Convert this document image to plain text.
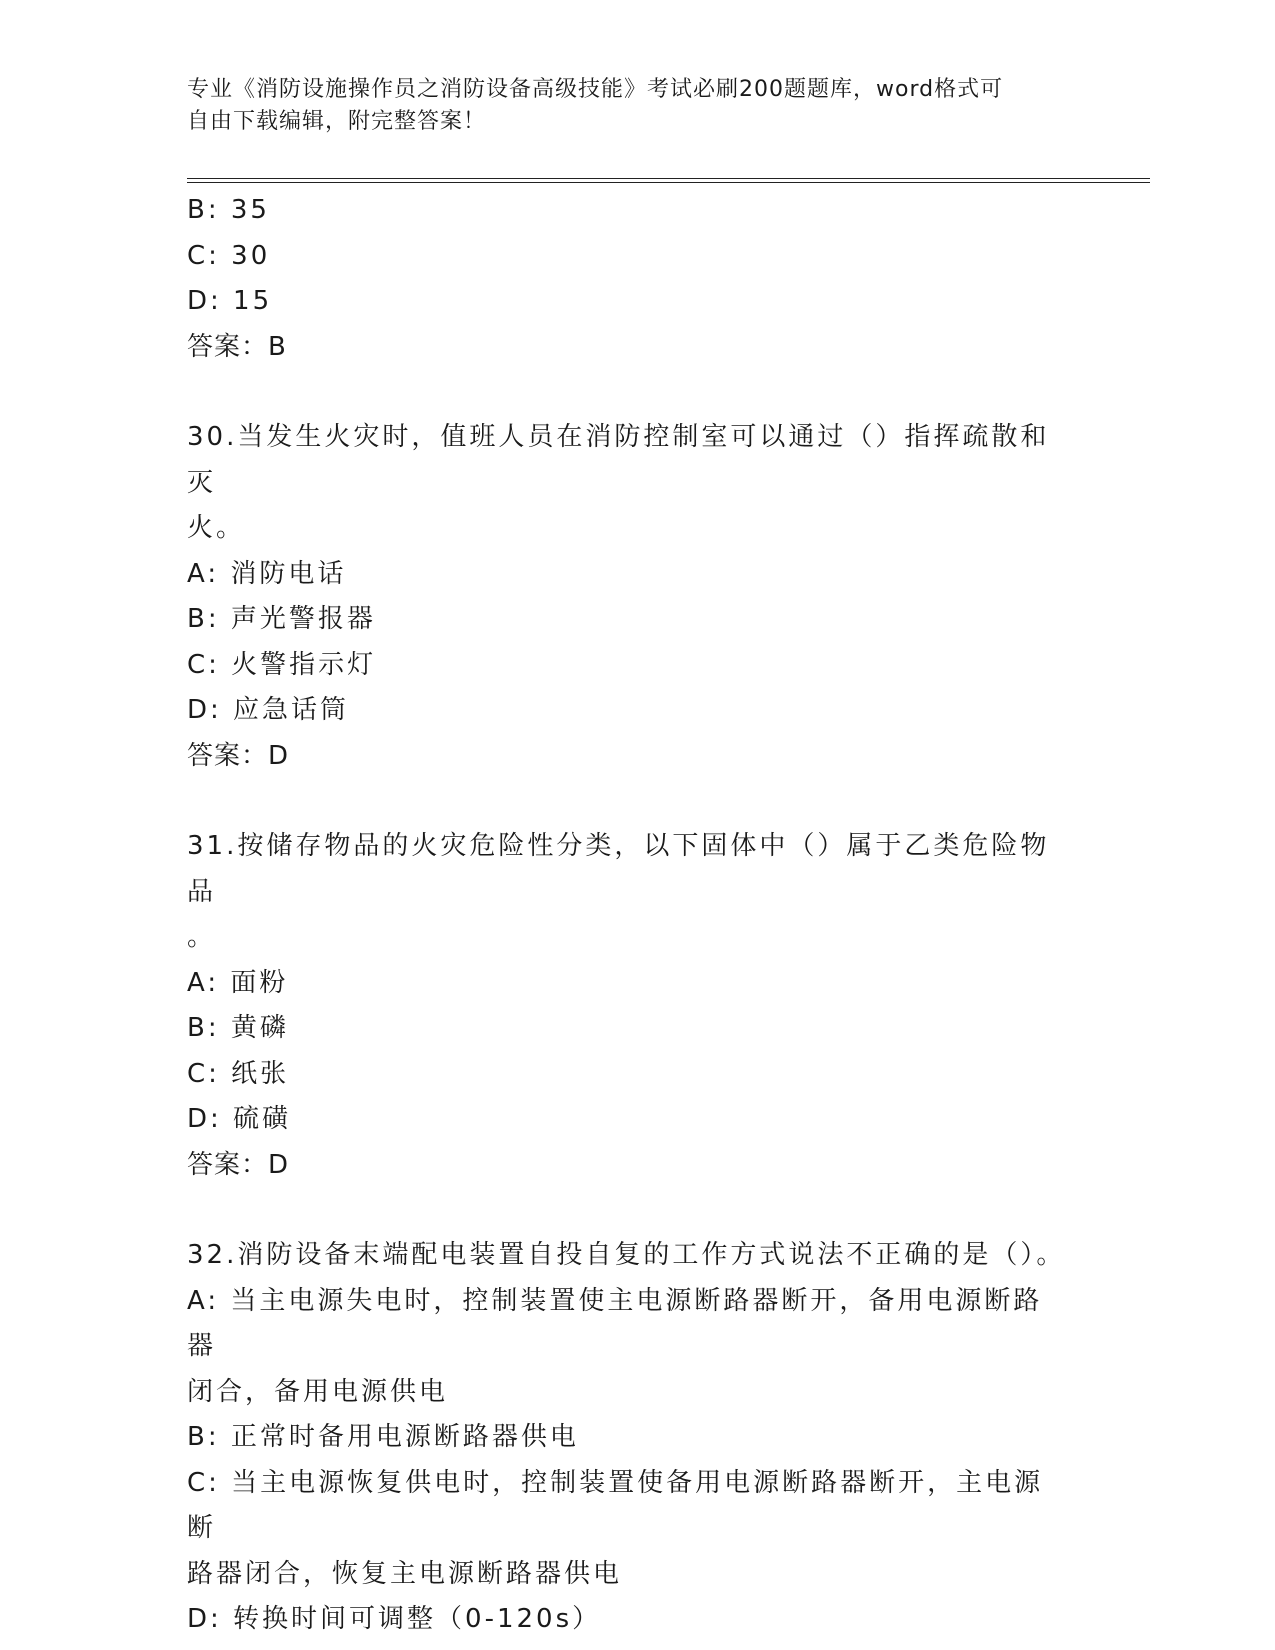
专业《消防设施操作员之消防设备高级技能》考试必刷200题题库，word格式可
自由下载编辑，附完整答案！

B: 35

C: 30

D: 15

答案：B

30.当发生火灾时，值班人员在消防控制室可以通过（）指挥疏散和灭

火。

A: 消防电话

B: 声光警报器

C: 火警指示灯

D: 应急话筒

答案：D

31.按储存物品的火灾危险性分类，以下固体中（）属于乙类危险物品

。

A: 面粉

B: 黄磷

C: 纸张

D: 硫磺

答案：D

32.消防设备末端配电装置自投自复的工作方式说法不正确的是（）。

A: 当主电源失电时，控制装置使主电源断路器断开，备用电源断路器

闭合，备用电源供电

B: 正常时备用电源断路器供电

C: 当主电源恢复供电时，控制装置使备用电源断路器断开，主电源断

路器闭合，恢复主电源断路器供电

D: 转换时间可调整（0-120s）
